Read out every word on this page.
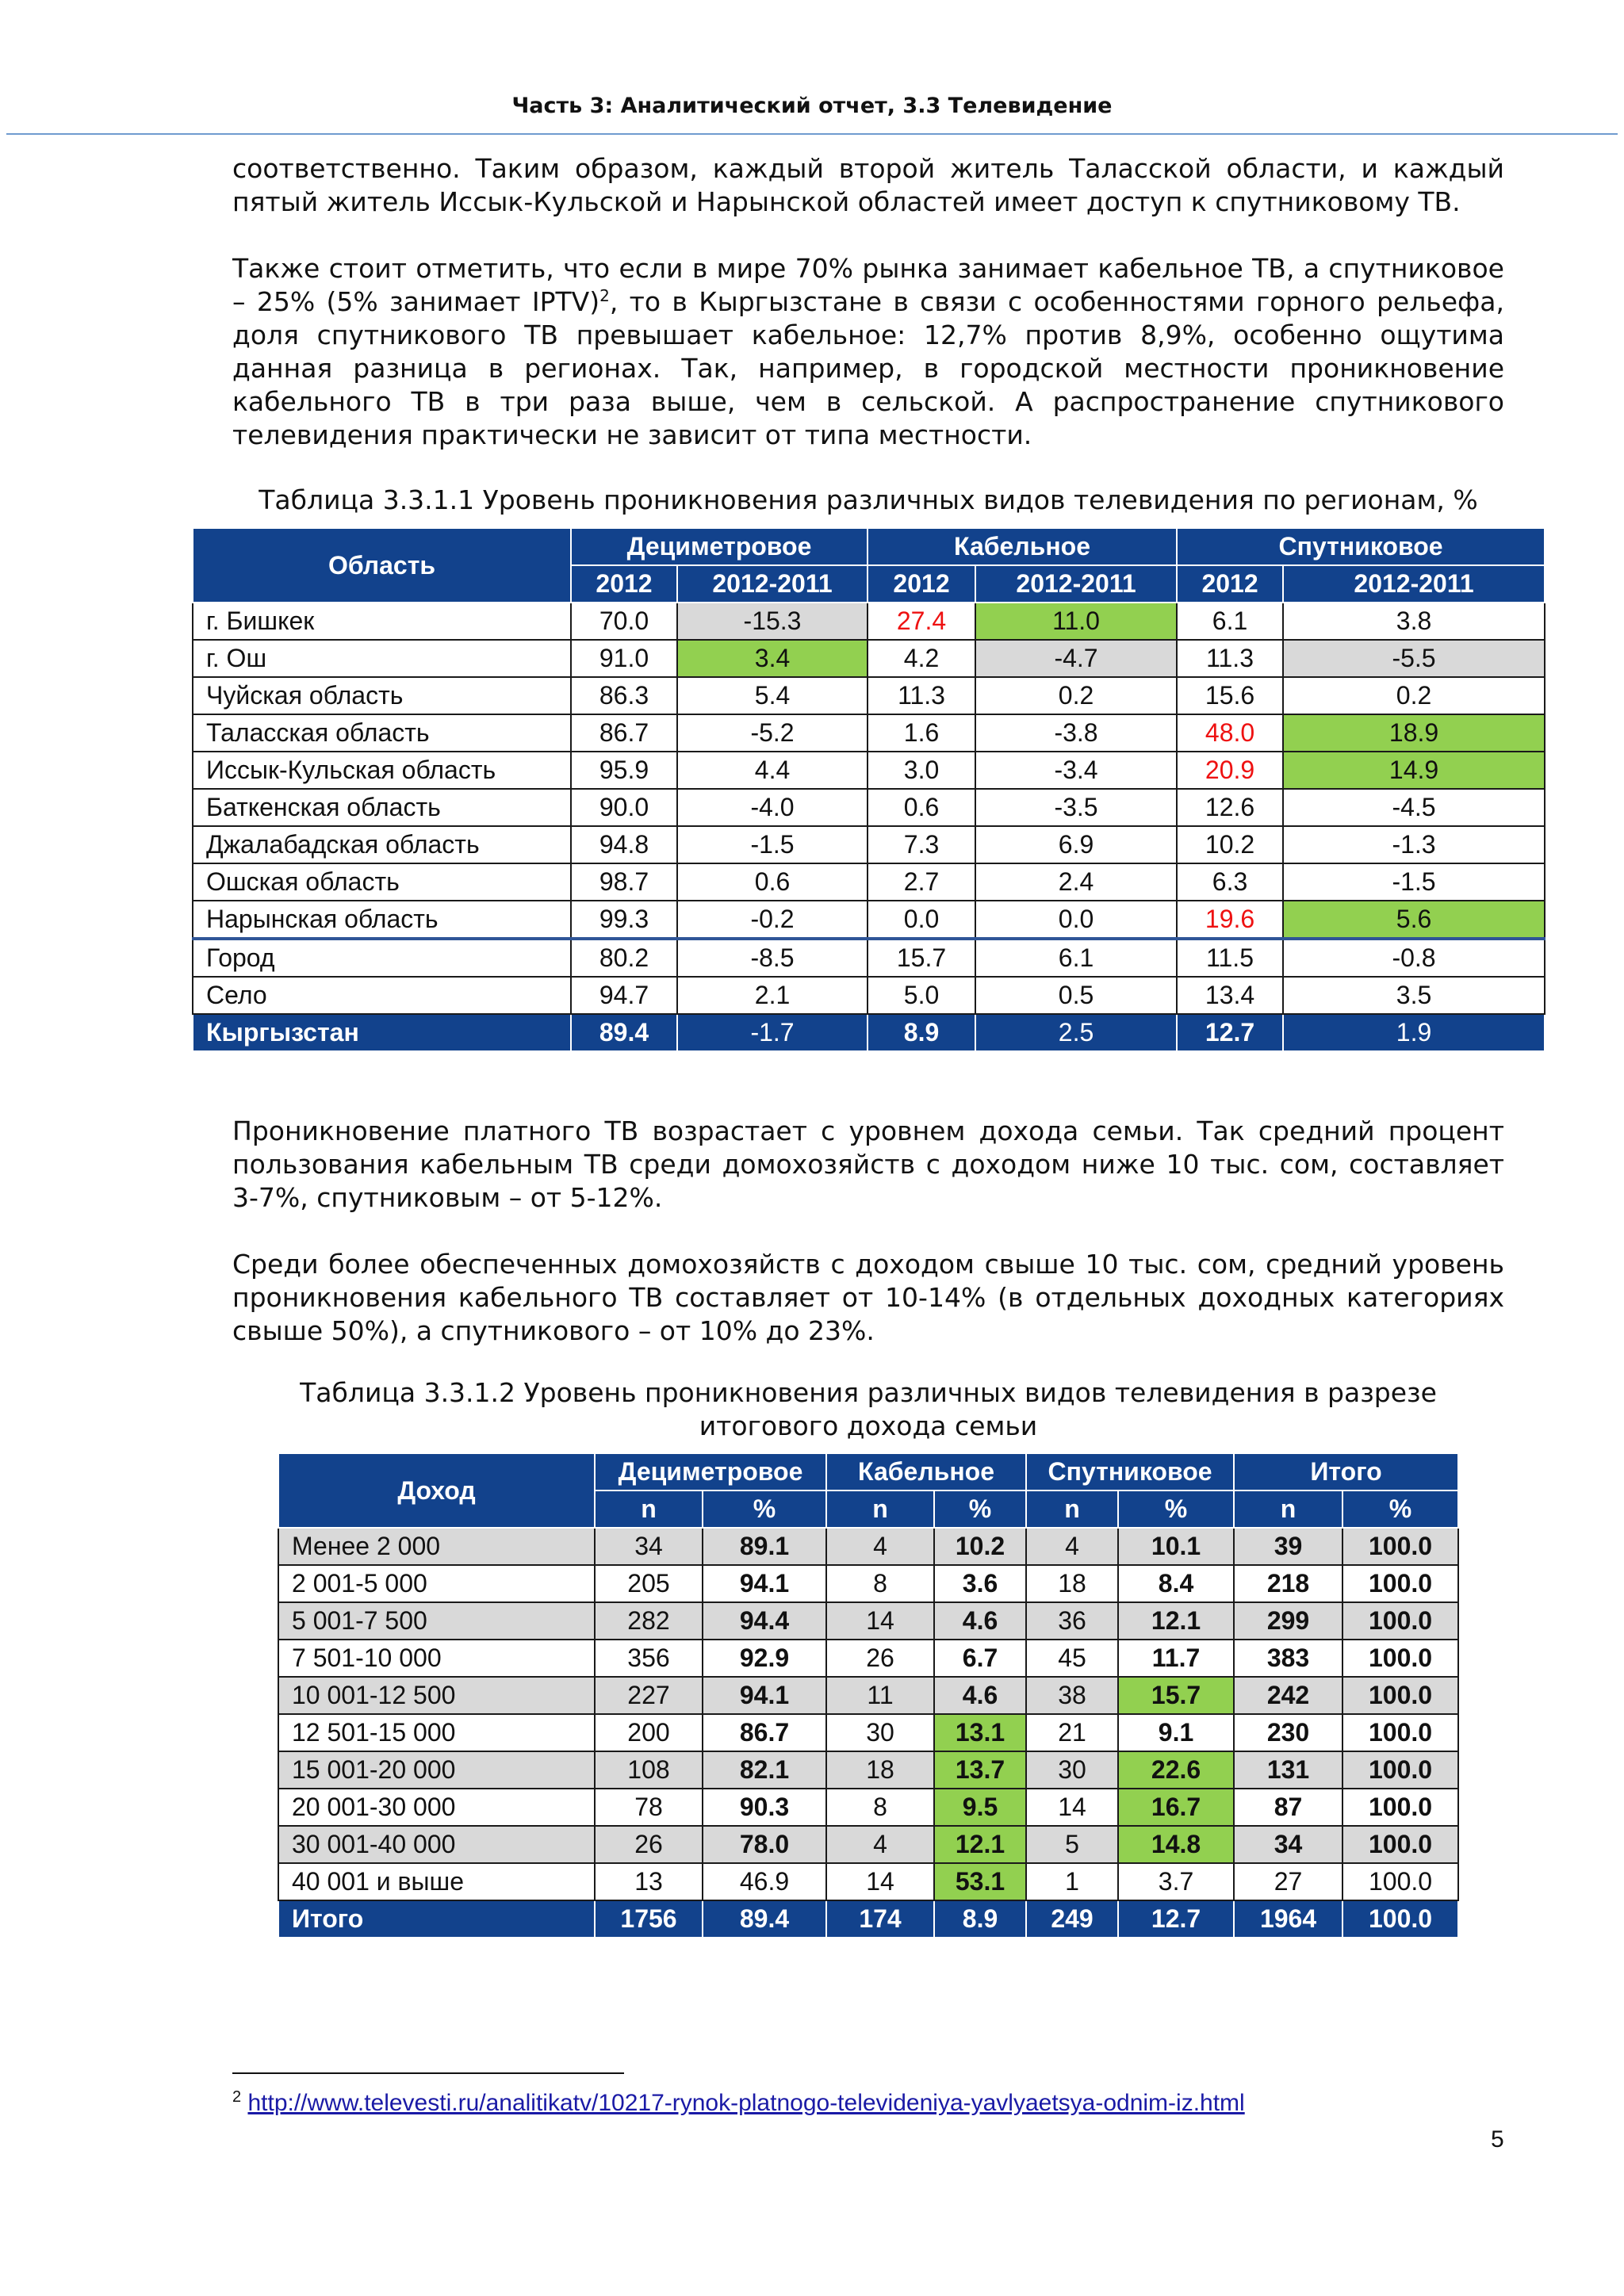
Часть 3: Аналитический отчет, 3.3 Телевидение

соответственно. Таким образом, каждый второй житель Таласской области, и каждый пятый житель Иссык-Кульской и Нарынской областей имеет доступ к спутниковому ТВ.

Также стоит отметить, что если в мире 70% рынка занимает кабельное ТВ, а спутниковое – 25% (5% занимает IPTV)$^2$, то в Кыргызстане в связи с особенностями горного рельефа, доля спутникового ТВ превышает кабельное: 12,7% против 8,9%, особенно ощутима данная разница в регионах. Так, например, в городской местности проникновение кабельного ТВ в три раза выше, чем в сельской. А распространение спутникового телевидения практически не зависит от типа местности.

Таблица 3.3.1.1 Уровень проникновения различных видов телевидения по регионам, %

Область	Дециметровое		Кабельное		Спутниковое	
	2012	2012-2011	2012	2012-2011	2012	2012-2011
г. Бишкек	70.0	-15.3	27.4	11.0	6.1	3.8
г. Ош	91.0	3.4	4.2	-4.7	11.3	-5.5
Чуйская область	86.3	5.4	11.3	0.2	15.6	0.2
Таласская область	86.7	-5.2	1.6	-3.8	48.0	18.9
Иссык-Кульская область	95.9	4.4	3.0	-3.4	20.9	14.9
Баткенская область	90.0	-4.0	0.6	-3.5	12.6	-4.5
Джалабадская область	94.8	-1.5	7.3	6.9	10.2	-1.3
Ошская область	98.7	0.6	2.7	2.4	6.3	-1.5
Нарынская область	99.3	-0.2	0.0	0.0	19.6	5.6
Город	80.2	-8.5	15.7	6.1	11.5	-0.8
Село	94.7	2.1	5.0	0.5	13.4	3.5
Кыргызстан	89.4	-1.7	8.9	2.5	12.7	1.9

Проникновение платного ТВ возрастает с уровнем дохода семьи. Так средний процент пользования кабельным ТВ среди домохозяйств с доходом ниже 10 тыс. сом, составляет 3-7%, спутниковым – от 5-12%.

Среди более обеспеченных домохозяйств с доходом свыше 10 тыс. сом, средний уровень проникновения кабельного ТВ составляет от 10-14% (в отдельных доходных категориях свыше 50%), а спутникового – от 10% до 23%.

Таблица 3.3.1.2 Уровень проникновения различных видов телевидения в разрезе
итогового дохода семьи

Доход	Дециметровое		Кабельное		Спутниковое		Итого	
	n	%	n	%	n	%	n	%
Менее 2 000	34	89.1	4	10.2	4	10.1	39	100.0
2 001-5 000	205	94.1	8	3.6	18	8.4	218	100.0
5 001-7 500	282	94.4	14	4.6	36	12.1	299	100.0
7 501-10 000	356	92.9	26	6.7	45	11.7	383	100.0
10 001-12 500	227	94.1	11	4.6	38	15.7	242	100.0
12 501-15 000	200	86.7	30	13.1	21	9.1	230	100.0
15 001-20 000	108	82.1	18	13.7	30	22.6	131	100.0
20 001-30 000	78	90.3	8	9.5	14	16.7	87	100.0
30 001-40 000	26	78.0	4	12.1	5	14.8	34	100.0
40 001 и выше	13	46.9	14	53.1	1	3.7	27	100.0
Итого	1756	89.4	174	8.9	249	12.7	1964	100.0
$^2$ http://www.televesti.ru/analitikatv/10217-rynok-platnogo-televideniya-yavlyaetsya-odnim-iz.html
5
